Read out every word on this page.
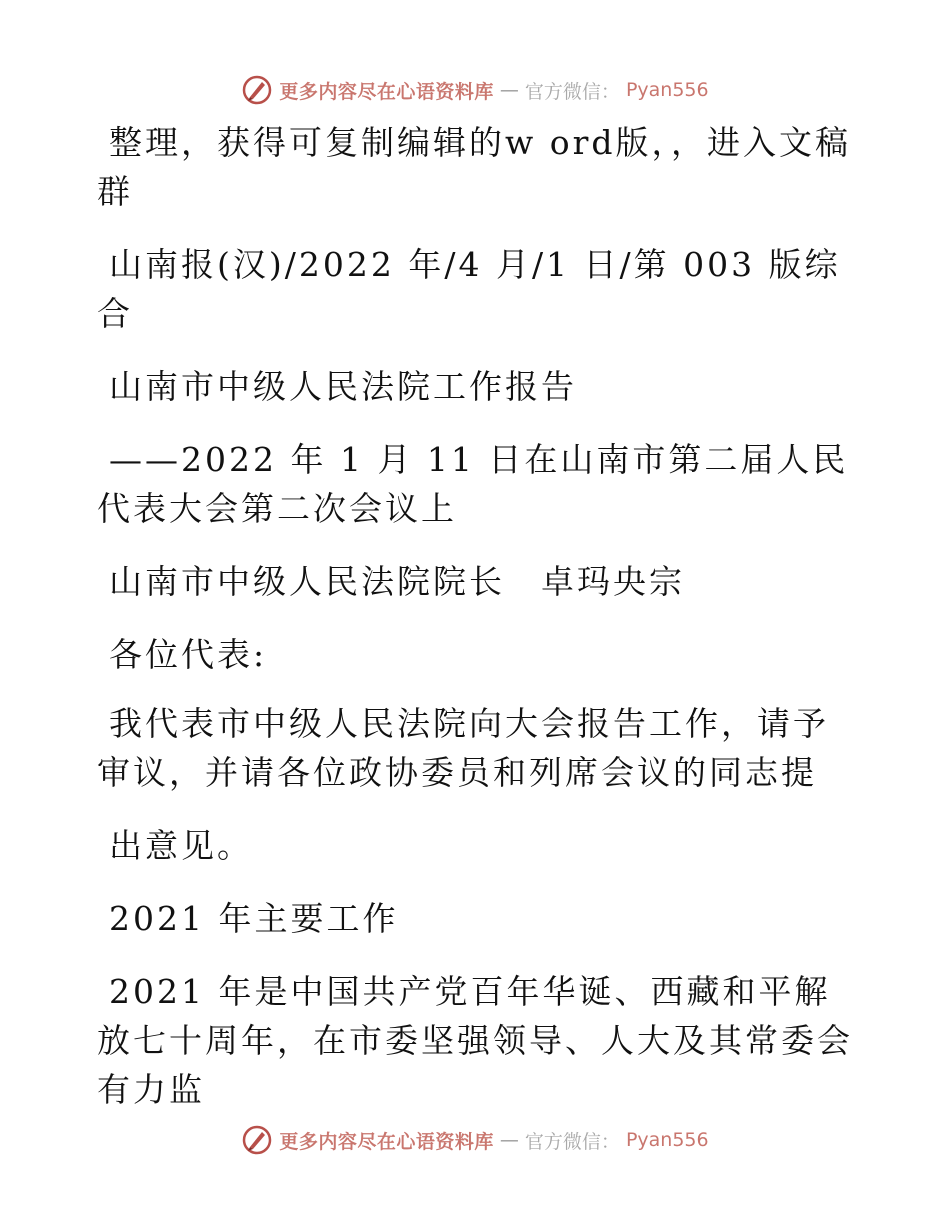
更多内容尽在心语资料库 — 官方微信： Pyan556

整理，获得可复制编辑的w ord版，，进入文稿群

山南报(汉)/2022 年/4 月/1 日/第 003 版综合

山南市中级人民法院工作报告

——2022 年 1 月 11 日在山南市第二届人民代表大会第二次会议上

山南市中级人民法院院长　卓玛央宗

各位代表:

我代表市中级人民法院向大会报告工作，请予审议，并请各位政协委员和列席会议的同志提

出意见。

2021 年主要工作

2021 年是中国共产党百年华诞、西藏和平解放七十周年，在市委坚强领导、人大及其常委会有力监

更多内容尽在心语资料库 — 官方微信： Pyan556
